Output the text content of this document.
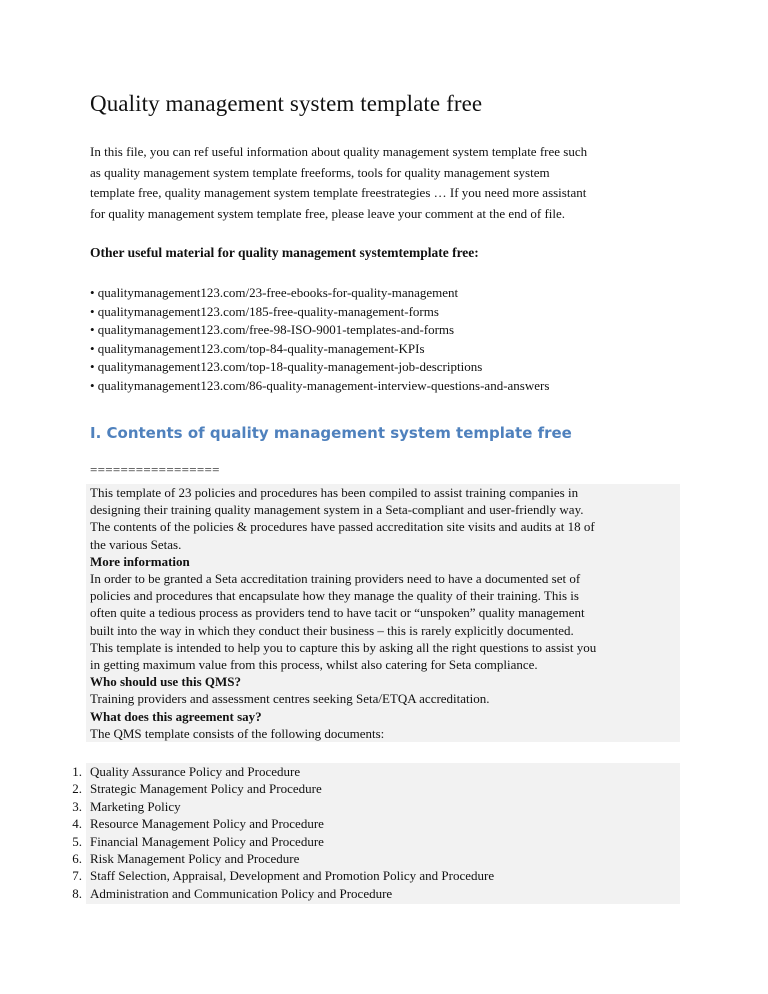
Quality management system template free

In this file, you can ref useful information about quality management system template free such

as quality management system template freeforms, tools for quality management system

template free, quality management system template freestrategies … If you need more assistant

for quality management system template free, please leave your comment at the end of file.

Other useful material for quality management systemtemplate free:
• qualitymanagement123.com/23-free-ebooks-for-quality-management
• qualitymanagement123.com/185-free-quality-management-forms
• qualitymanagement123.com/free-98-ISO-9001-templates-and-forms
• qualitymanagement123.com/top-84-quality-management-KPIs
• qualitymanagement123.com/top-18-quality-management-job-descriptions
• qualitymanagement123.com/86-quality-management-interview-questions-and-answers
I. Contents of quality management system template free
=================

This template of 23 policies and procedures has been compiled to assist training companies in

designing their training quality management system in a Seta-compliant and user-friendly way.

The contents of the policies & procedures have passed accreditation site visits and audits at 18 of

the various Setas.

More information

In order to be granted a Seta accreditation training providers need to have a documented set of

policies and procedures that encapsulate how they manage the quality of their training. This is

often quite a tedious process as providers tend to have tacit or “unspoken” quality management

built into the way in which they conduct their business – this is rarely explicitly documented.

This template is intended to help you to capture this by asking all the right questions to assist you

in getting maximum value from this process, whilst also catering for Seta compliance.

Who should use this QMS?

Training providers and assessment centres seeking Seta/ETQA accreditation.

What does this agreement say?

The QMS template consists of the following documents:

1. Quality Assurance Policy and Procedure
2. Strategic Management Policy and Procedure
3. Marketing Policy
4. Resource Management Policy and Procedure
5. Financial Management Policy and Procedure
6. Risk Management Policy and Procedure
7. Staff Selection, Appraisal, Development and Promotion Policy and Procedure
8. Administration and Communication Policy and Procedure
